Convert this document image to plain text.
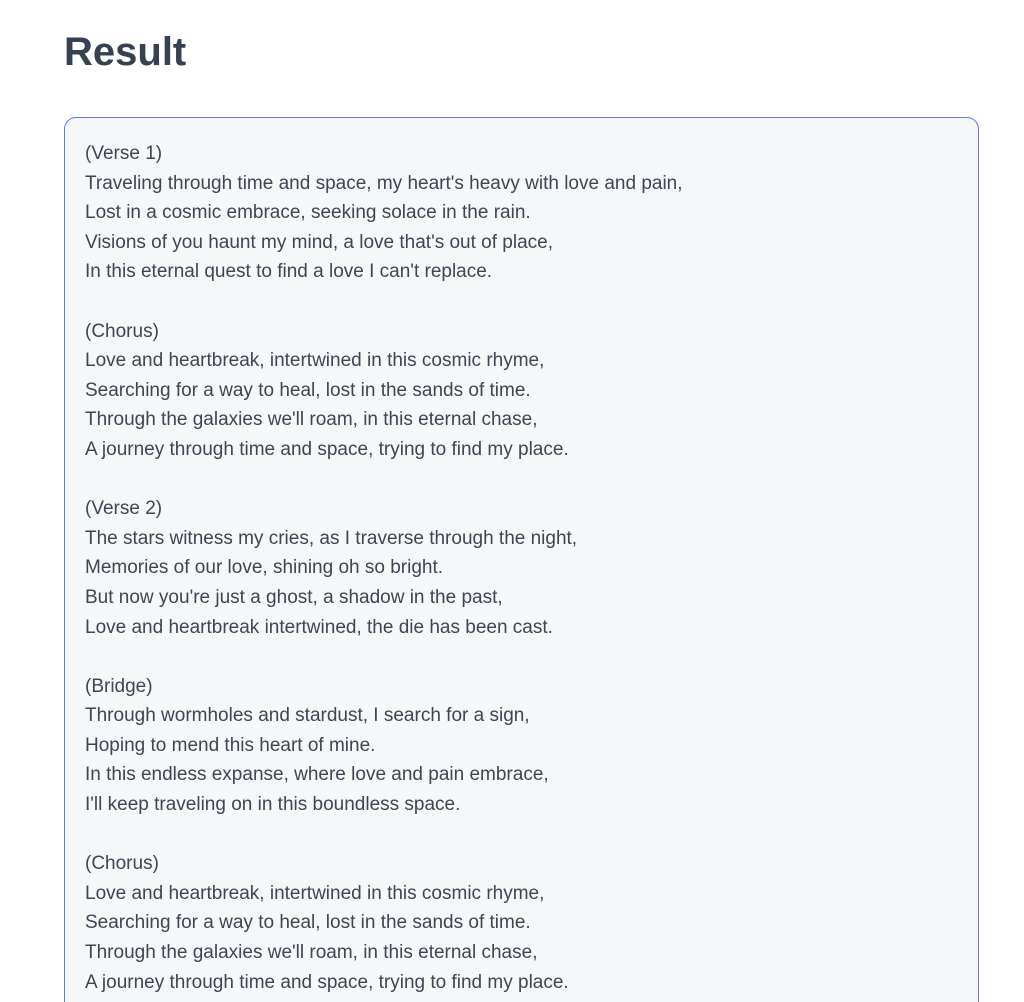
Result
(Verse 1)
Traveling through time and space, my heart's heavy with love and pain,
Lost in a cosmic embrace, seeking solace in the rain.
Visions of you haunt my mind, a love that's out of place,
In this eternal quest to find a love I can't replace.
(Chorus)
Love and heartbreak, intertwined in this cosmic rhyme,
Searching for a way to heal, lost in the sands of time.
Through the galaxies we'll roam, in this eternal chase,
A journey through time and space, trying to find my place.
(Verse 2)
The stars witness my cries, as I traverse through the night,
Memories of our love, shining oh so bright.
But now you're just a ghost, a shadow in the past,
Love and heartbreak intertwined, the die has been cast.
(Bridge)
Through wormholes and stardust, I search for a sign,
Hoping to mend this heart of mine.
In this endless expanse, where love and pain embrace,
I'll keep traveling on in this boundless space.
(Chorus)
Love and heartbreak, intertwined in this cosmic rhyme,
Searching for a way to heal, lost in the sands of time.
Through the galaxies we'll roam, in this eternal chase,
A journey through time and space, trying to find my place.
